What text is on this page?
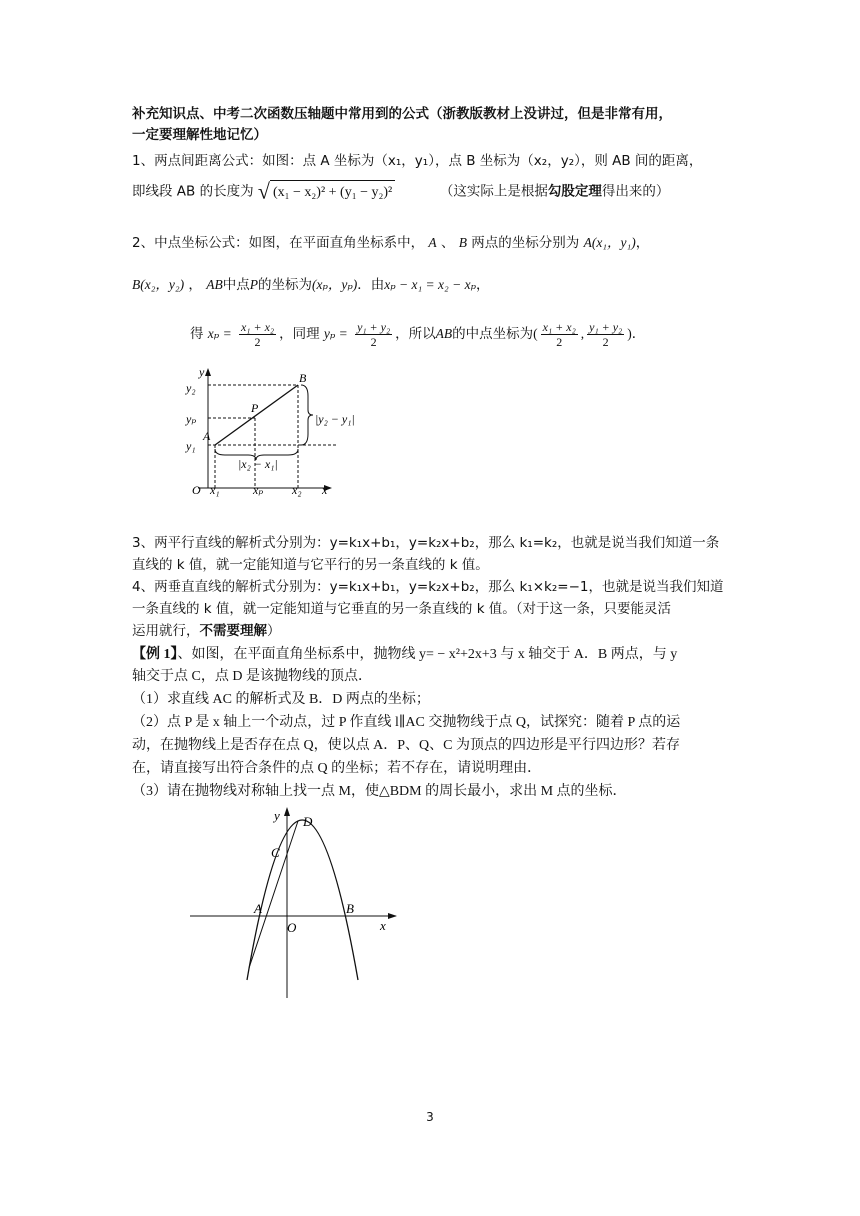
补充知识点、中考二次函数压轴题中常用到的公式（浙教版教材上没讲过，但是非常有用，
一定要理解性地记忆）
1、两点间距离公式：如图：点 A 坐标为（x₁，y₁），点 B 坐标为（x₂，y₂），则 AB 间的距离，
即线段 AB 的长度为 √ (x₁ − x₂)² + (y₁ − y₂)²	（这实际上是根据勾股定理得出来的）
2、中点坐标公式：如图，在平面直角坐标系中， A 、 B 两点的坐标分别为 A(x₁，y₁)，
B(x₂，y₂) ， AB中点P的坐标为(xₚ，yₚ)．由xₚ − x₁ = x₂ − xₚ，
得 $x_p = \frac{\text{x₁ + x₂}}{2}$ ，同理 $y_p = \frac{\text{y₁ + y₂}}{2}$ ，所以AB的中点坐标为( $\frac{\text{x₁ + x₂}}{2}$ , $\frac{\text{y₁ + y₂}}{2}$ )．
y
y₂
yₚ
y₁
A
P
B
|y₂ − y₁|
|x₂ − x₁|
O x₁	xₚ x₂ x
3、两平行直线的解析式分别为：y=k₁x+b₁，y=k₂x+b₂，那么 k₁=k₂，也就是说当我们知道一条
直线的 k 值，就一定能知道与它平行的另一条直线的 k 值。
4、两垂直直线的解析式分别为：y=k₁x+b₁，y=k₂x+b₂，那么 k₁×k₂=−1，也就是说当我们知道
一条直线的 k 值，就一定能知道与它垂直的另一条直线的 k 值。（对于这一条，只要能灵活
运用就行，不需要理解）
【例 1】、如图，在平面直角坐标系中，抛物线 y= − x²+2x+3 与 x 轴交于 A．B 两点，与 y
轴交于点 C，点 D 是该抛物线的顶点．
（1）求直线 AC 的解析式及 B．D 两点的坐标；
（2）点 P 是 x 轴上一个动点，过 P 作直线 l∥AC 交抛物线于点 Q，试探究：随着 P 点的运
动，在抛物线上是否存在点 Q，使以点 A．P、Q、C 为顶点的四边形是平行四边形？若存
在，请直接写出符合条件的点 Q 的坐标；若不存在，请说明理由．
（3）请在抛物线对称轴上找一点 M，使△BDM 的周长最小，求出 M 点的坐标．
y D
C
A
O
B
x
3
